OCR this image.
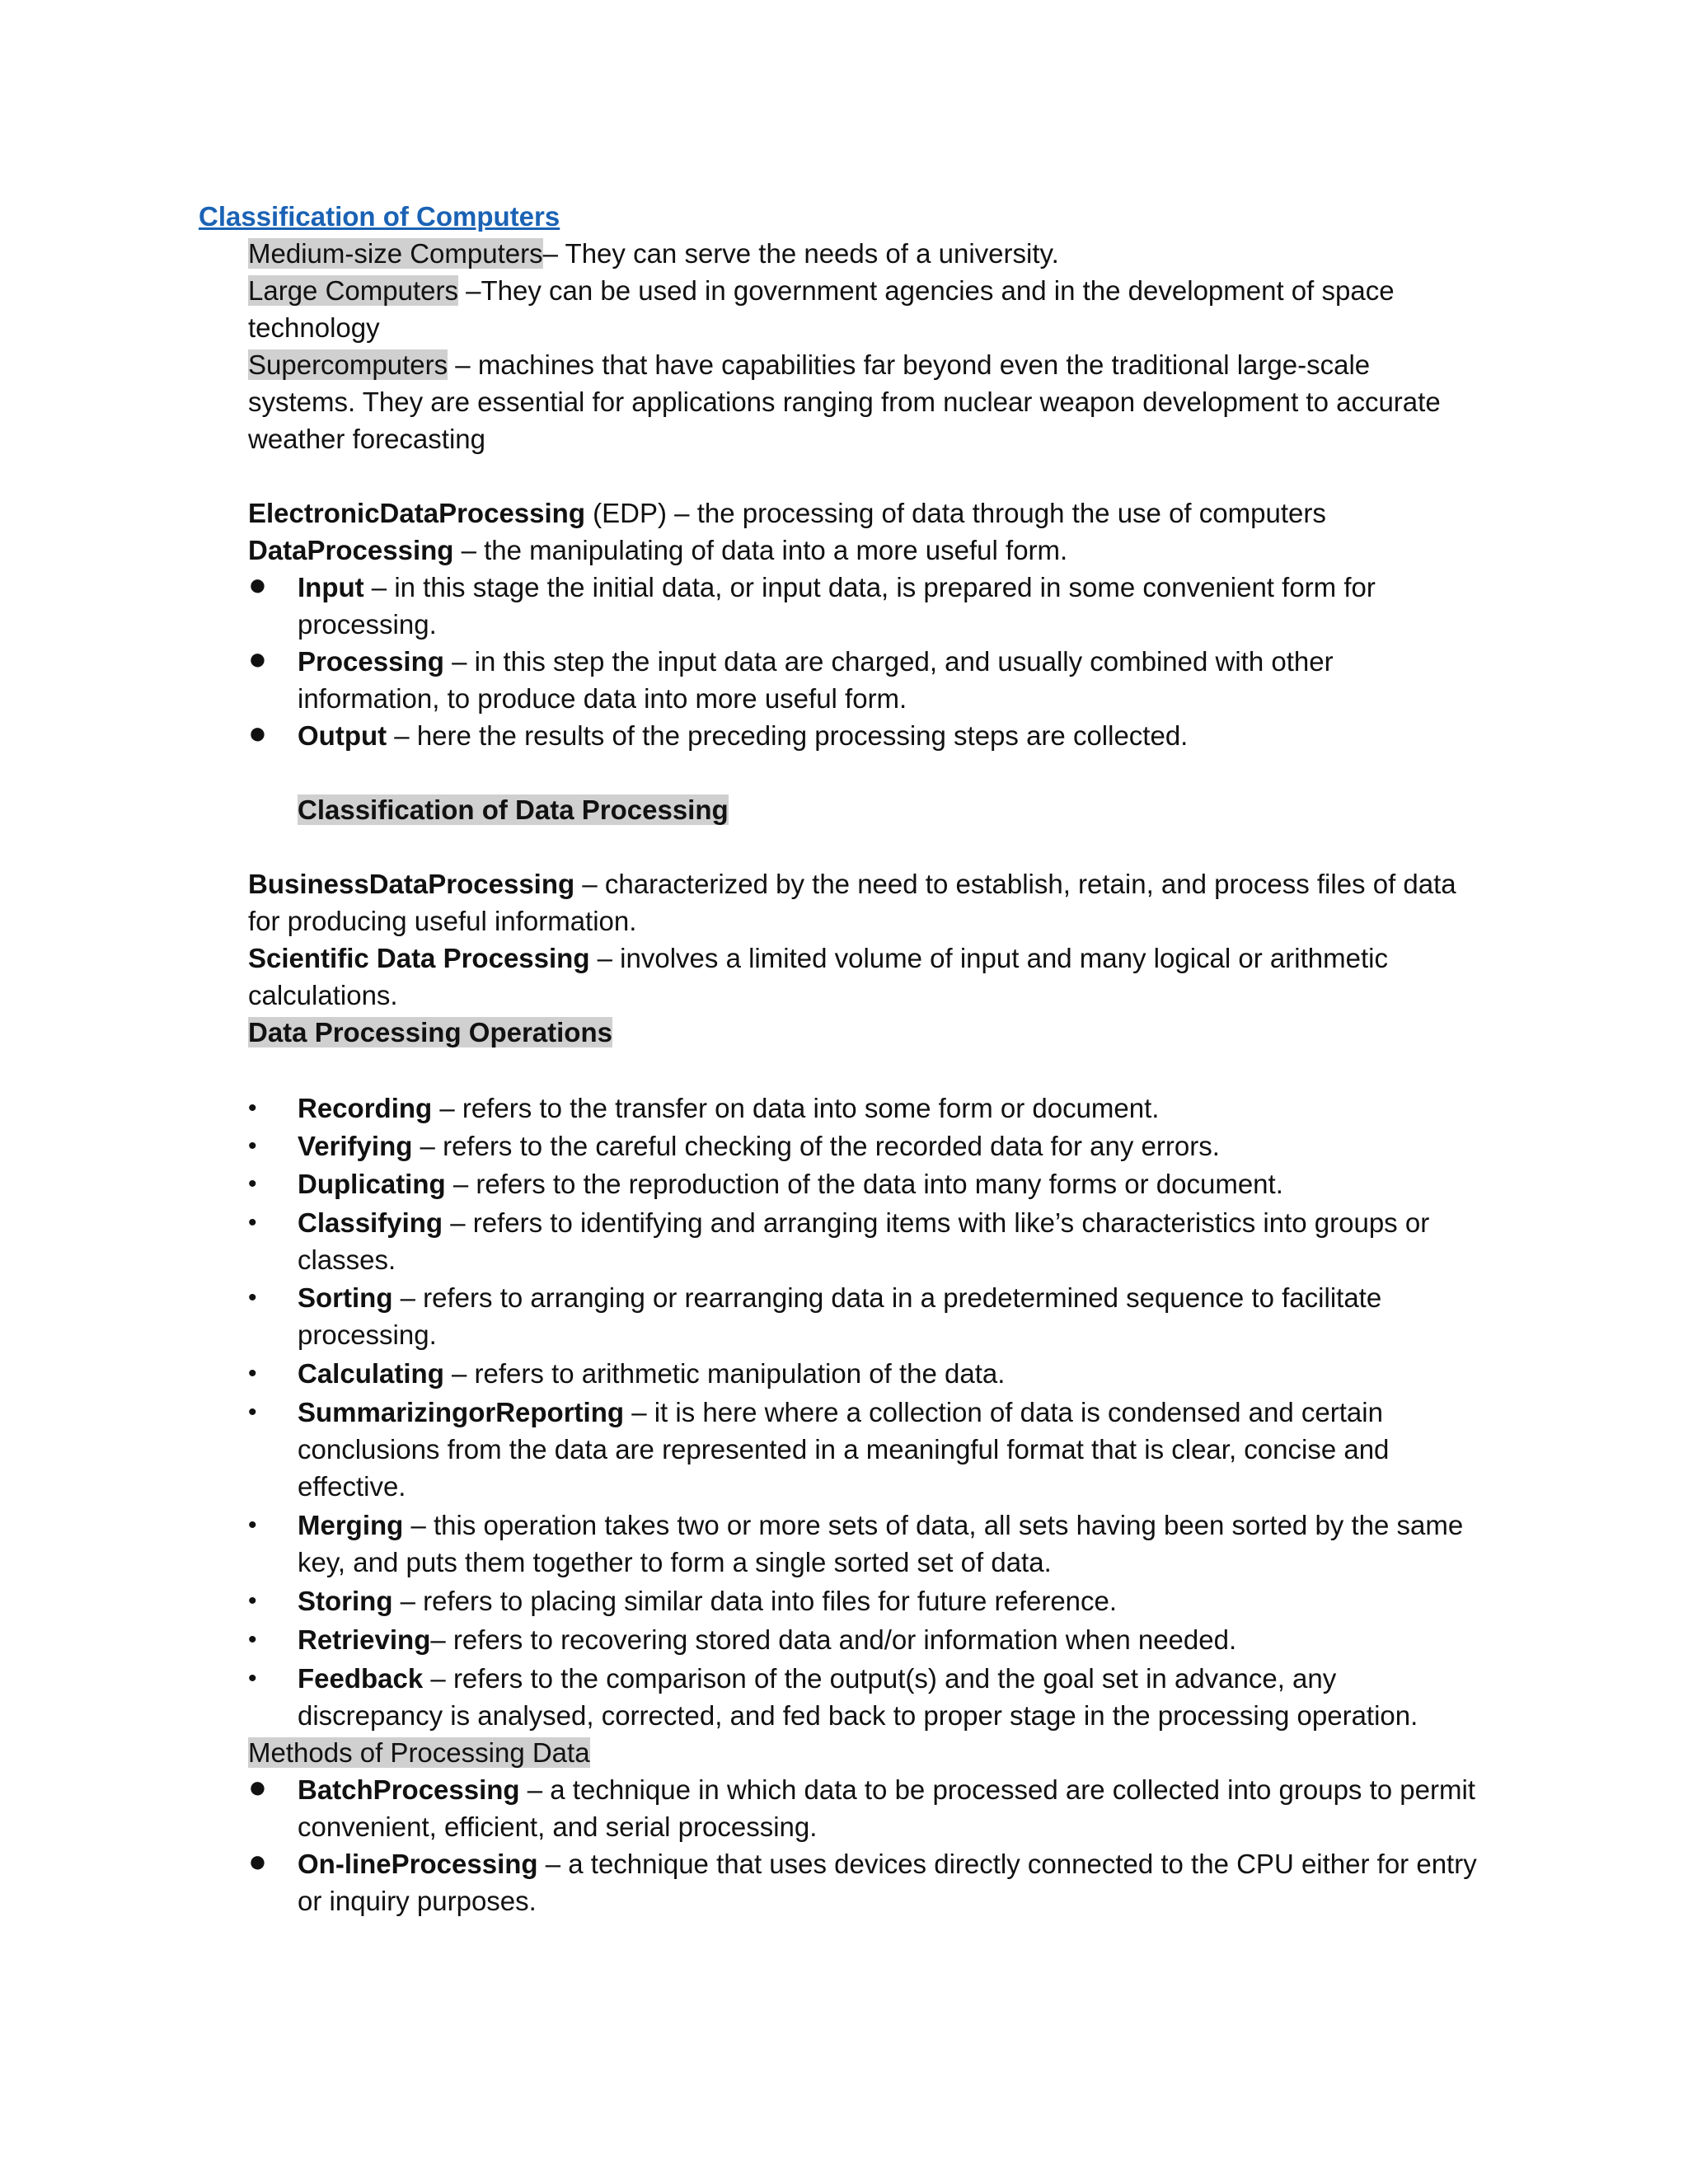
Classification of Computers
Medium-size Computers– They can serve the needs of a university.
Large Computers –They can be used in government agencies and in the development of space
technology
Supercomputers – machines that have capabilities far beyond even the traditional large-scale
systems. They are essential for applications ranging from nuclear weapon development to accurate
weather forecasting
ElectronicDataProcessing (EDP) – the processing of data through the use of computers
DataProcessing – the manipulating of data into a more useful form.
● Input – in this stage the initial data, or input data, is prepared in some convenient form for
processing.
● Processing – in this step the input data are charged, and usually combined with other
information, to produce data into more useful form.
● Output – here the results of the preceding processing steps are collected.
Classification of Data Processing
BusinessDataProcessing – characterized by the need to establish, retain, and process files of data
for producing useful information.
Scientific Data Processing – involves a limited volume of input and many logical or arithmetic
calculations.
Data Processing Operations
• Recording – refers to the transfer on data into some form or document.
• Verifying – refers to the careful checking of the recorded data for any errors.
• Duplicating – refers to the reproduction of the data into many forms or document.
• Classifying – refers to identifying and arranging items with like’s characteristics into groups or
classes.
• Sorting – refers to arranging or rearranging data in a predetermined sequence to facilitate
processing.
• Calculating – refers to arithmetic manipulation of the data.
• SummarizingorReporting – it is here where a collection of data is condensed and certain
conclusions from the data are represented in a meaningful format that is clear, concise and
effective.
• Merging – this operation takes two or more sets of data, all sets having been sorted by the same
key, and puts them together to form a single sorted set of data.
• Storing – refers to placing similar data into files for future reference.
• Retrieving– refers to recovering stored data and/or information when needed.
• Feedback – refers to the comparison of the output(s) and the goal set in advance, any
discrepancy is analysed, corrected, and fed back to proper stage in the processing operation.
Methods of Processing Data
● BatchProcessing – a technique in which data to be processed are collected into groups to permit
convenient, efficient, and serial processing.
● On-lineProcessing – a technique that uses devices directly connected to the CPU either for entry
or inquiry purposes.
